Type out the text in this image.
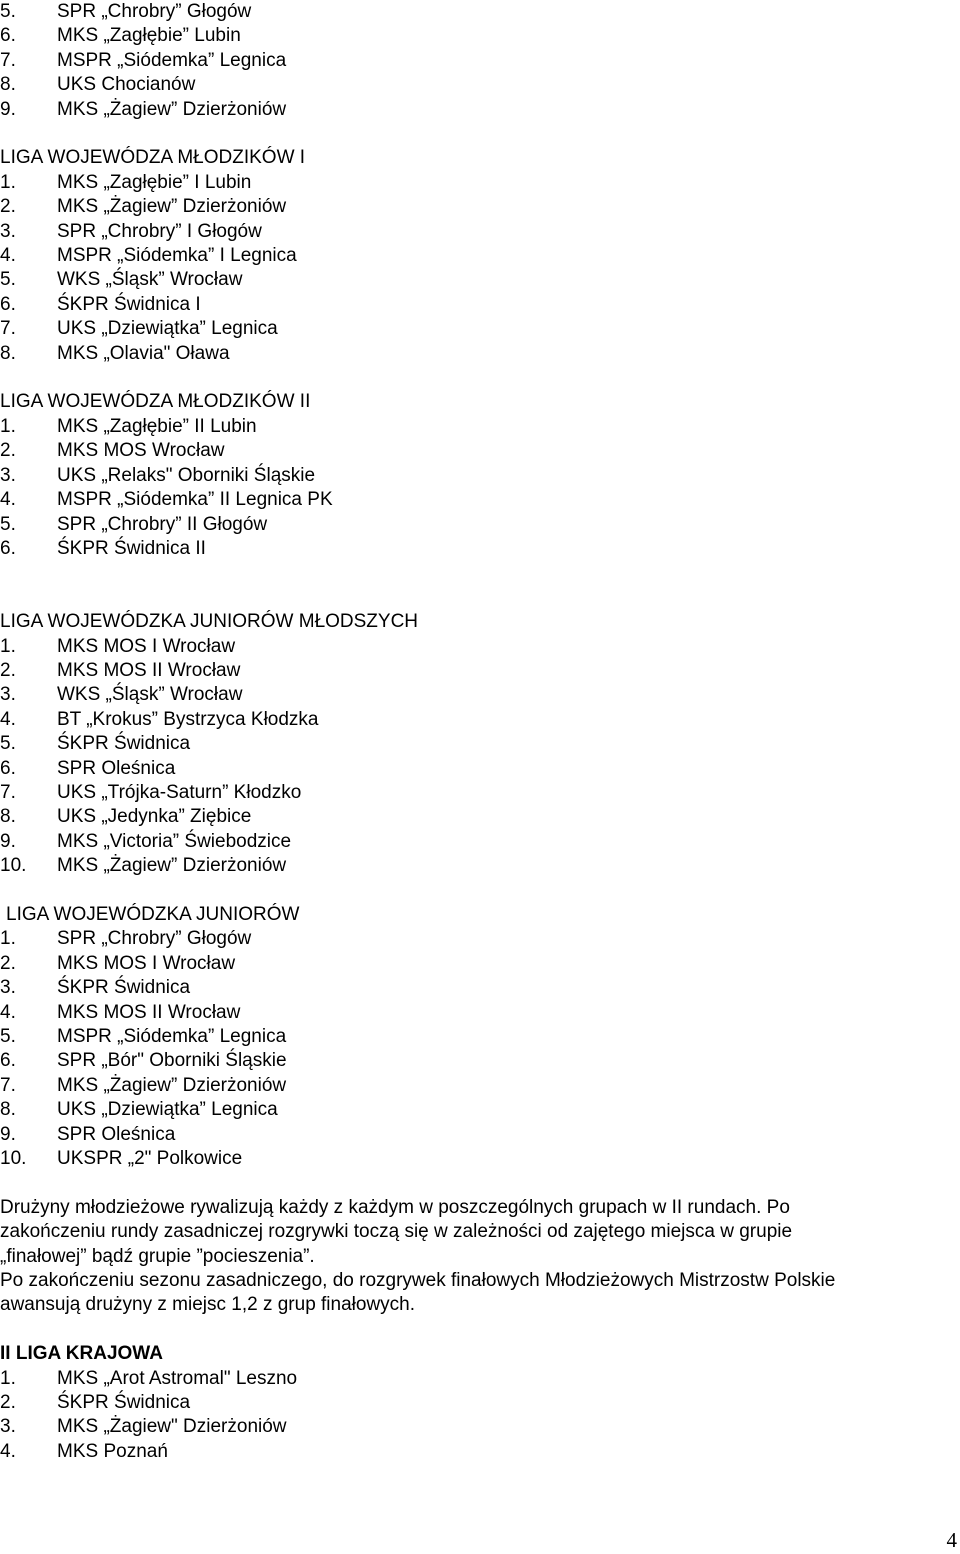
5.	SPR „Chrobry” Głogów
6.	MKS „Zagłębie” Lubin
7.	MSPR „Siódemka” Legnica
8.	UKS Chocianów
9.	MKS „Żagiew” Dzierżoniów
LIGA WOJEWÓDZA MŁODZIKÓW I
1.	MKS „Zagłębie” I Lubin
2.	MKS „Żagiew” Dzierżoniów
3.	SPR „Chrobry” I Głogów
4.	MSPR „Siódemka” I Legnica
5.	WKS „Śląsk” Wrocław
6.	ŚKPR Świdnica I
7.	UKS „Dziewiątka” Legnica
8.	MKS „Olavia" Oława
LIGA WOJEWÓDZA MŁODZIKÓW II
1.	MKS „Zagłębie” II Lubin
2.	MKS MOS Wrocław
3.	UKS „Relaks" Oborniki Śląskie
4.	MSPR „Siódemka” II Legnica PK
5.	SPR „Chrobry” II Głogów
6.	ŚKPR Świdnica II
LIGA WOJEWÓDZKA JUNIORÓW MŁODSZYCH
1.	MKS MOS I Wrocław
2.	MKS MOS II Wrocław
3.	WKS „Śląsk” Wrocław
4.	BT „Krokus” Bystrzyca Kłodzka
5.	ŚKPR Świdnica
6.	SPR Oleśnica
7.	UKS „Trójka-Saturn” Kłodzko
8.	UKS „Jedynka” Ziębice
9.	MKS „Victoria” Świebodzice
10.	MKS „Żagiew” Dzierżoniów
LIGA WOJEWÓDZKA JUNIORÓW
1.	SPR „Chrobry” Głogów
2.	MKS MOS I Wrocław
3.	ŚKPR Świdnica
4.	MKS MOS II Wrocław
5.	MSPR „Siódemka” Legnica
6.	SPR „Bór" Oborniki Śląskie
7.	MKS „Żagiew” Dzierżoniów
8.	UKS „Dziewiątka” Legnica
9.	SPR Oleśnica
10.	UKSPR „2" Polkowice

Drużyny młodzieżowe rywalizują każdy z każdym w poszczególnych grupach w II rundach. Po

zakończeniu rundy zasadniczej rozgrywki toczą się w zależności od zajętego miejsca w grupie

„finałowej” bądź grupie ”pocieszenia”.

Po zakończeniu sezonu zasadniczego, do rozgrywek finałowych Młodzieżowych Mistrzostw Polskie

awansują drużyny z miejsc 1,2 z grup finałowych.

II LIGA KRAJOWA
1.	MKS „Arot Astromal" Leszno
2.	ŚKPR Świdnica
3.	MKS „Żagiew" Dzierżoniów
4.	MKS Poznań
4
